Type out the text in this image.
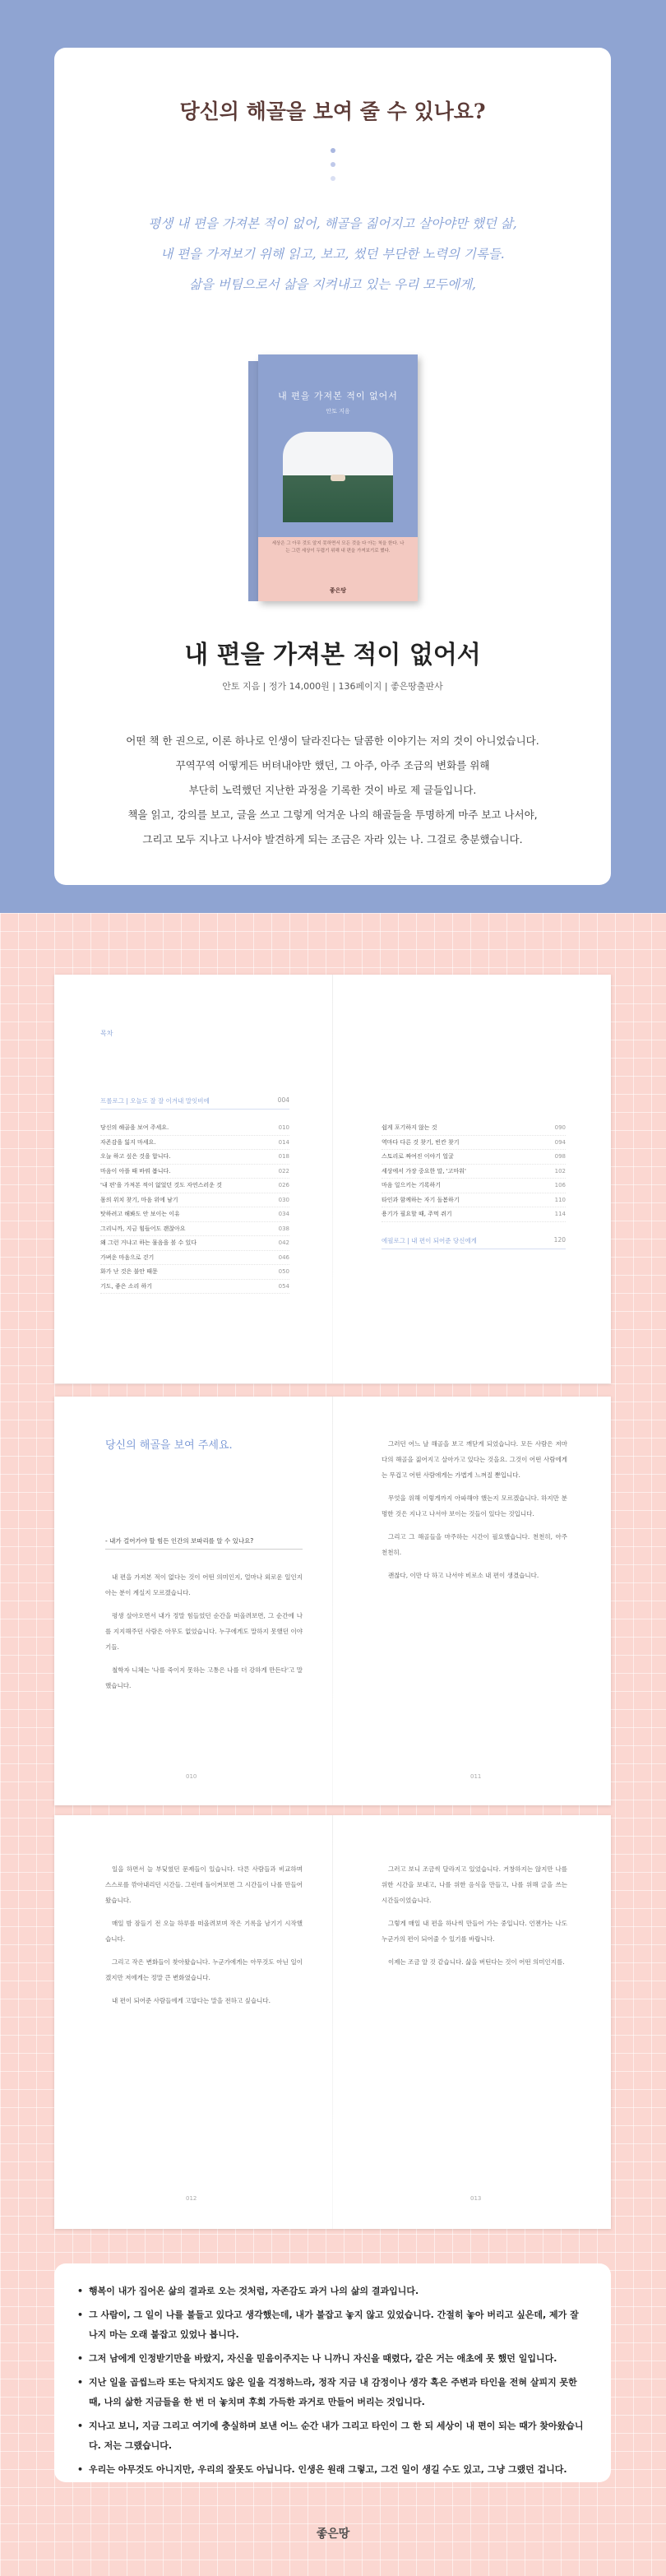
당신의 해골을 보여 줄 수 있나요?
평생 내 편을 가져본 적이 없어, 해골을 짊어지고 살아야만 했던 삶,
내 편을 가져보기 위해 읽고, 보고, 썼던 부단한 노력의 기록들.
삶을 버팀으로서 삶을 지켜내고 있는 우리 모두에게,
내 편을 가져본 적이 없어서
안토 지음
세상은 그 아무 것도 알지 못하면서 모든 것을 다 아는 척을 한다. 나는 그런 세상이 두렵기 위해 내 편을 가져보기로 했다.
좋은땅
내 편을 가져본 적이 없어서
안토 지음 | 정가 14,000원 | 136페이지 | 좋은땅출판사
어떤 책 한 권으로, 이론 하나로 인생이 달라진다는 달콤한 이야기는 저의 것이 아니었습니다.
꾸역꾸역 어떻게든 버텨내야만 했던, 그 아주, 아주 조금의 변화를 위해
부단히 노력했던 지난한 과정을 기록한 것이 바로 제 글들입니다.
책을 읽고, 강의를 보고, 글을 쓰고 그렇게 억겨운 나의 해골들을 투명하게 마주 보고 나서야,
그리고 모두 지나고 나서야 발견하게 되는 조금은 자라 있는 나. 그걸로 충분했습니다.
목차
프롤로그 | 오늘도 잘 잘 이겨내 말잇비에	004
당신의 해골을 보여 주세요.	010
자존감을 잃지 마세요.	014
오늘 하고 싶은 것을 합니다.	018
마음이 아플 때 바꿔 봅니다.	022
'내 편'을 가져본 적이 없었던 것도 자연스러운 것	026
몸의 위치 찾기, 마음 위에 남기	030
탓하려고 해봐도 안 보이는 이유	034
그리니까, 지금 힘들어도 괜찮아요	038
왜 그런 거냐고 하는 물음을 볼 수 있다	042
가벼운 마음으로 걷기	046
화가 난 것은 불안 때문	050
기도, 좋은 소리 하기	054
쉽게 포기하지 않는 것	090
역마다 다른 것 찾기, 빈칸 찾기	094
스토리로 짜여진 이야기 얼굴	098
세상에서 가장 중요한 말, '고마워'	102
마음 일으키는 기록하기	106
타인과 함께하는 자기 돌봄하기	110
용기가 필요할 때, 주먹 쥐기	114
에필로그 | 내 편이 되어준 당신에게	120
당신의 해골을 보여 주세요.
- 내가 걸어가야 할 힘든 인간의 보따리를 알 수 있나요?

내 편을 가져본 적이 없다는 것이 어떤 의미인지, 얼마나 외로운 일인지 아는 분이 계실지 모르겠습니다.

평생 살아오면서 내가 정말 힘들었던 순간을 떠올려보면, 그 순간에 나를 지지해주던 사람은 아무도 없었습니다. 누구에게도 말하지 못했던 이야기들.

철학자 니체는 '나를 죽이지 못하는 고통은 나를 더 강하게 만든다'고 말했습니다.

그러던 어느 날 해골을 보고 깨닫게 되었습니다. 모든 사람은 저마다의 해골을 짊어지고 살아가고 있다는 것을요. 그것이 어떤 사람에게는 무겁고 어떤 사람에게는 가볍게 느껴질 뿐입니다.

무엇을 위해 이렇게까지 아파해야 했는지 모르겠습니다. 하지만 분명한 것은 지나고 나서야 보이는 것들이 있다는 것입니다.

그리고 그 해골들을 마주하는 시간이 필요했습니다. 천천히, 아주 천천히.

괜찮다, 이만 다 하고 나서야 비로소 내 편이 생겼습니다.

010	011

일을 하면서 늘 부딪혔던 문제들이 있습니다. 다른 사람들과 비교하며 스스로를 깎아내리던 시간들. 그런데 돌이켜보면 그 시간들이 나를 만들어 왔습니다.

매일 밤 잠들기 전 오늘 하루를 떠올려보며 작은 기록을 남기기 시작했습니다.

그리고 작은 변화들이 찾아왔습니다. 누군가에게는 아무것도 아닌 일이겠지만 저에게는 정말 큰 변화였습니다.

내 편이 되어준 사람들에게 고맙다는 말을 전하고 싶습니다.

그러고 보니 조금씩 달라지고 있었습니다. 거창하지는 않지만 나를 위한 시간을 보내고, 나를 위한 음식을 만들고, 나를 위해 글을 쓰는 시간들이었습니다.

그렇게 매일 내 편을 하나씩 만들어 가는 중입니다. 언젠가는 나도 누군가의 편이 되어줄 수 있기를 바랍니다.

이제는 조금 알 것 같습니다. 삶을 버틴다는 것이 어떤 의미인지를.

012	013
• 행복이 내가 집어온 삶의 결과로 오는 것처럼, 자존감도 과거 나의 삶의 결과입니다.
• 그 사람이, 그 일이 나를 불들고 있다고 생각했는데, 내가 불잡고 놓지 않고 있었습니다. 간절히 놓아 버리고 싶은데, 제가 잘 나지 마는 오래 붙잡고 있었나 봅니다.
• 그저 남에게 인정받기만을 바랐지, 자신을 믿음이주지는 나 니까니 자신을 때렸다, 같은 거는 애초에 못 했던 일입니다.
• 지난 일을 곱씹느라 또는 닥치지도 않은 일을 걱정하느라, 정작 지금 내 감정이나 생각 혹은 주변과 타인을 전혀 살피지 못한 때, 나의 삶한 지금들을 한 번 더 놓치며 후회 가득한 과거로 만들어 버리는 것입니다.
• 지나고 보니, 지금 그리고 여기에 충실하며 보낸 어느 순간 내가 그리고 타인이 그 한 되 세상이 내 편이 되는 때가 찾아왔습니다. 저는 그랬습니다.
• 우리는 아무것도 아니지만, 우리의 잘못도 아닙니다. 인생은 원래 그렇고, 그건 일이 생길 수도 있고, 그냥 그랬던 겁니다.
좋은땅
